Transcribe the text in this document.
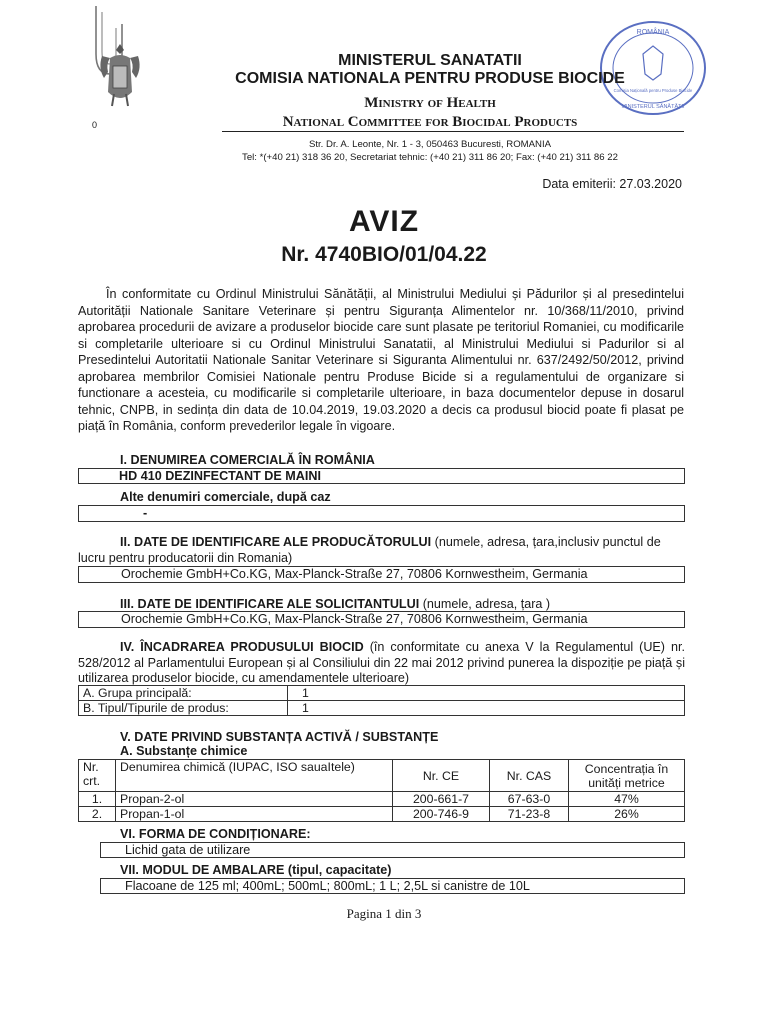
0
ROMÂNIA
Comisia Națională pentru Produse Biocide
MINISTERUL SĂNĂTĂȚII
MINISTERUL SANATATII
COMISIA NATIONALA PENTRU PRODUSE BIOCIDE
Ministry of Health
National Committee for Biocidal Products
Str. Dr. A. Leonte, Nr. 1 - 3, 050463 Bucuresti, ROMANIA
Tel: *(+40 21) 318 36 20, Secretariat tehnic: (+40 21) 311 86 20; Fax: (+40 21) 311 86 22
Data emiterii: 27.03.2020
AVIZ
Nr. 4740BIO/01/04.22
În conformitate cu Ordinul Ministrului Sănătății, al Ministrului Mediului și Pădurilor și al presedintelui Autorității Nationale Sanitare Veterinare și pentru Siguranța Alimentelor nr. 10/368/11/2010, privind aprobarea procedurii de avizare a produselor biocide care sunt plasate pe teritoriul Romaniei, cu modificarile si completarile ulterioare si cu Ordinul Ministrului Sanatatii, al Ministrului Mediului si Padurilor si al Presedintelui Autoritatii Nationale Sanitar Veterinare si Siguranta Alimentului nr. 637/2492/50/2012, privind aprobarea membrilor Comisiei Nationale pentru Produse Bicide si a regulamentului de organizare si functionare a acesteia, cu modificarile si completarile ulterioare, in baza documentelor depuse in dosarul tehnic, CNPB, in sedința din data de 10.04.2019, 19.03.2020 a decis ca produsul biocid poate fi plasat pe piață în România, conform prevederilor legale în vigoare.
I. DENUMIREA COMERCIALĂ ÎN ROMÂNIA
HD 410 DEZINFECTANT DE MAINI
Alte denumiri comerciale, după caz
-
II. DATE DE IDENTIFICARE ALE PRODUCĂTORULUI (numele, adresa, țara,inclusiv punctul de lucru pentru producatorii din Romania)
Orochemie GmbH+Co.KG, Max-Planck-Straße 27, 70806 Kornwestheim, Germania
III. DATE DE IDENTIFICARE ALE SOLICITANTULUI (numele, adresa, țara )
Orochemie GmbH+Co.KG, Max-Planck-Straße 27, 70806 Kornwestheim, Germania
IV. ÎNCADRAREA PRODUSULUI BIOCID (în conformitate cu anexa V la Regulamentul (UE) nr. 528/2012 al Parlamentului European și al Consiliului din 22 mai 2012 privind punerea la dispoziție pe piață și utilizarea produselor biocide, cu amendamentele ulterioare)
A. Grupa principală:	1
B. Tipul/Tipurile de produs:	1
V. DATE PRIVIND SUBSTANȚA ACTIVĂ / SUBSTANȚE
A. Substanțe chimice
Nr. crt.	Denumirea chimică (IUPAC, ISO sauaItele)	Nr. CE	Nr. CAS	Concentrația în unități metrice
1.	Propan-2-ol	200-661-7	67-63-0	47%
2.	Propan-1-ol	200-746-9	71-23-8	26%
VI. FORMA DE CONDIȚIONARE:
Lichid gata de utilizare
VII. MODUL DE AMBALARE (tipul, capacitate)
Flacoane de 125 ml; 400mL; 500mL; 800mL; 1 L; 2,5L si canistre de 10L
Pagina 1 din 3
